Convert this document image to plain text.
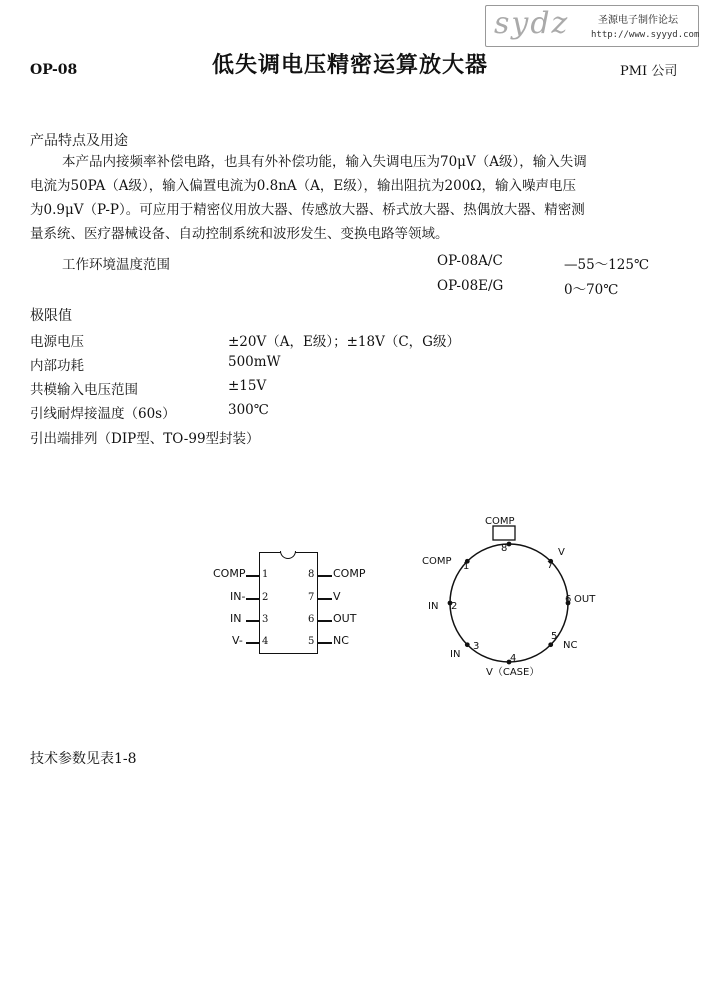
sydz	圣源电子制作论坛
http://www.syyyd.com
OP-08	低失调电压精密运算放大器	PMI 公司
产品特点及用途
本产品内接频率补偿电路，也具有外补偿功能，输入失调电压为70μV（A级），输入失调
电流为50PA（A级），输入偏置电流为0.8nA（A，E级），输出阻抗为200Ω，输入噪声电压
为0.9μV（P-P）。可应用于精密仪用放大器、传感放大器、桥式放大器、热偶放大器、精密测
量系统、医疗器械设备、自动控制系统和波形发生、变换电路等领域。
工作环境温度范围	OP-08A/C	—55～125℃
OP-08E/G	0～70℃
极限值
电源电压	±20V（A，E级）；±18V（C，G级）
内部功耗	500mW
共模输入电压范围	±15V
引线耐焊接温度（60s）	300℃
引出端排列（DIP型、TO-99型封装）
COMP 1
IN- 2
IN 3
V- 4
8 COMP
7 V
6 OUT
5 NC
COMP
8	V
7
COMP 1
6 OUT
IN 2
5
NC
3
IN	4
V（CASE）
技术参数见表1-8
